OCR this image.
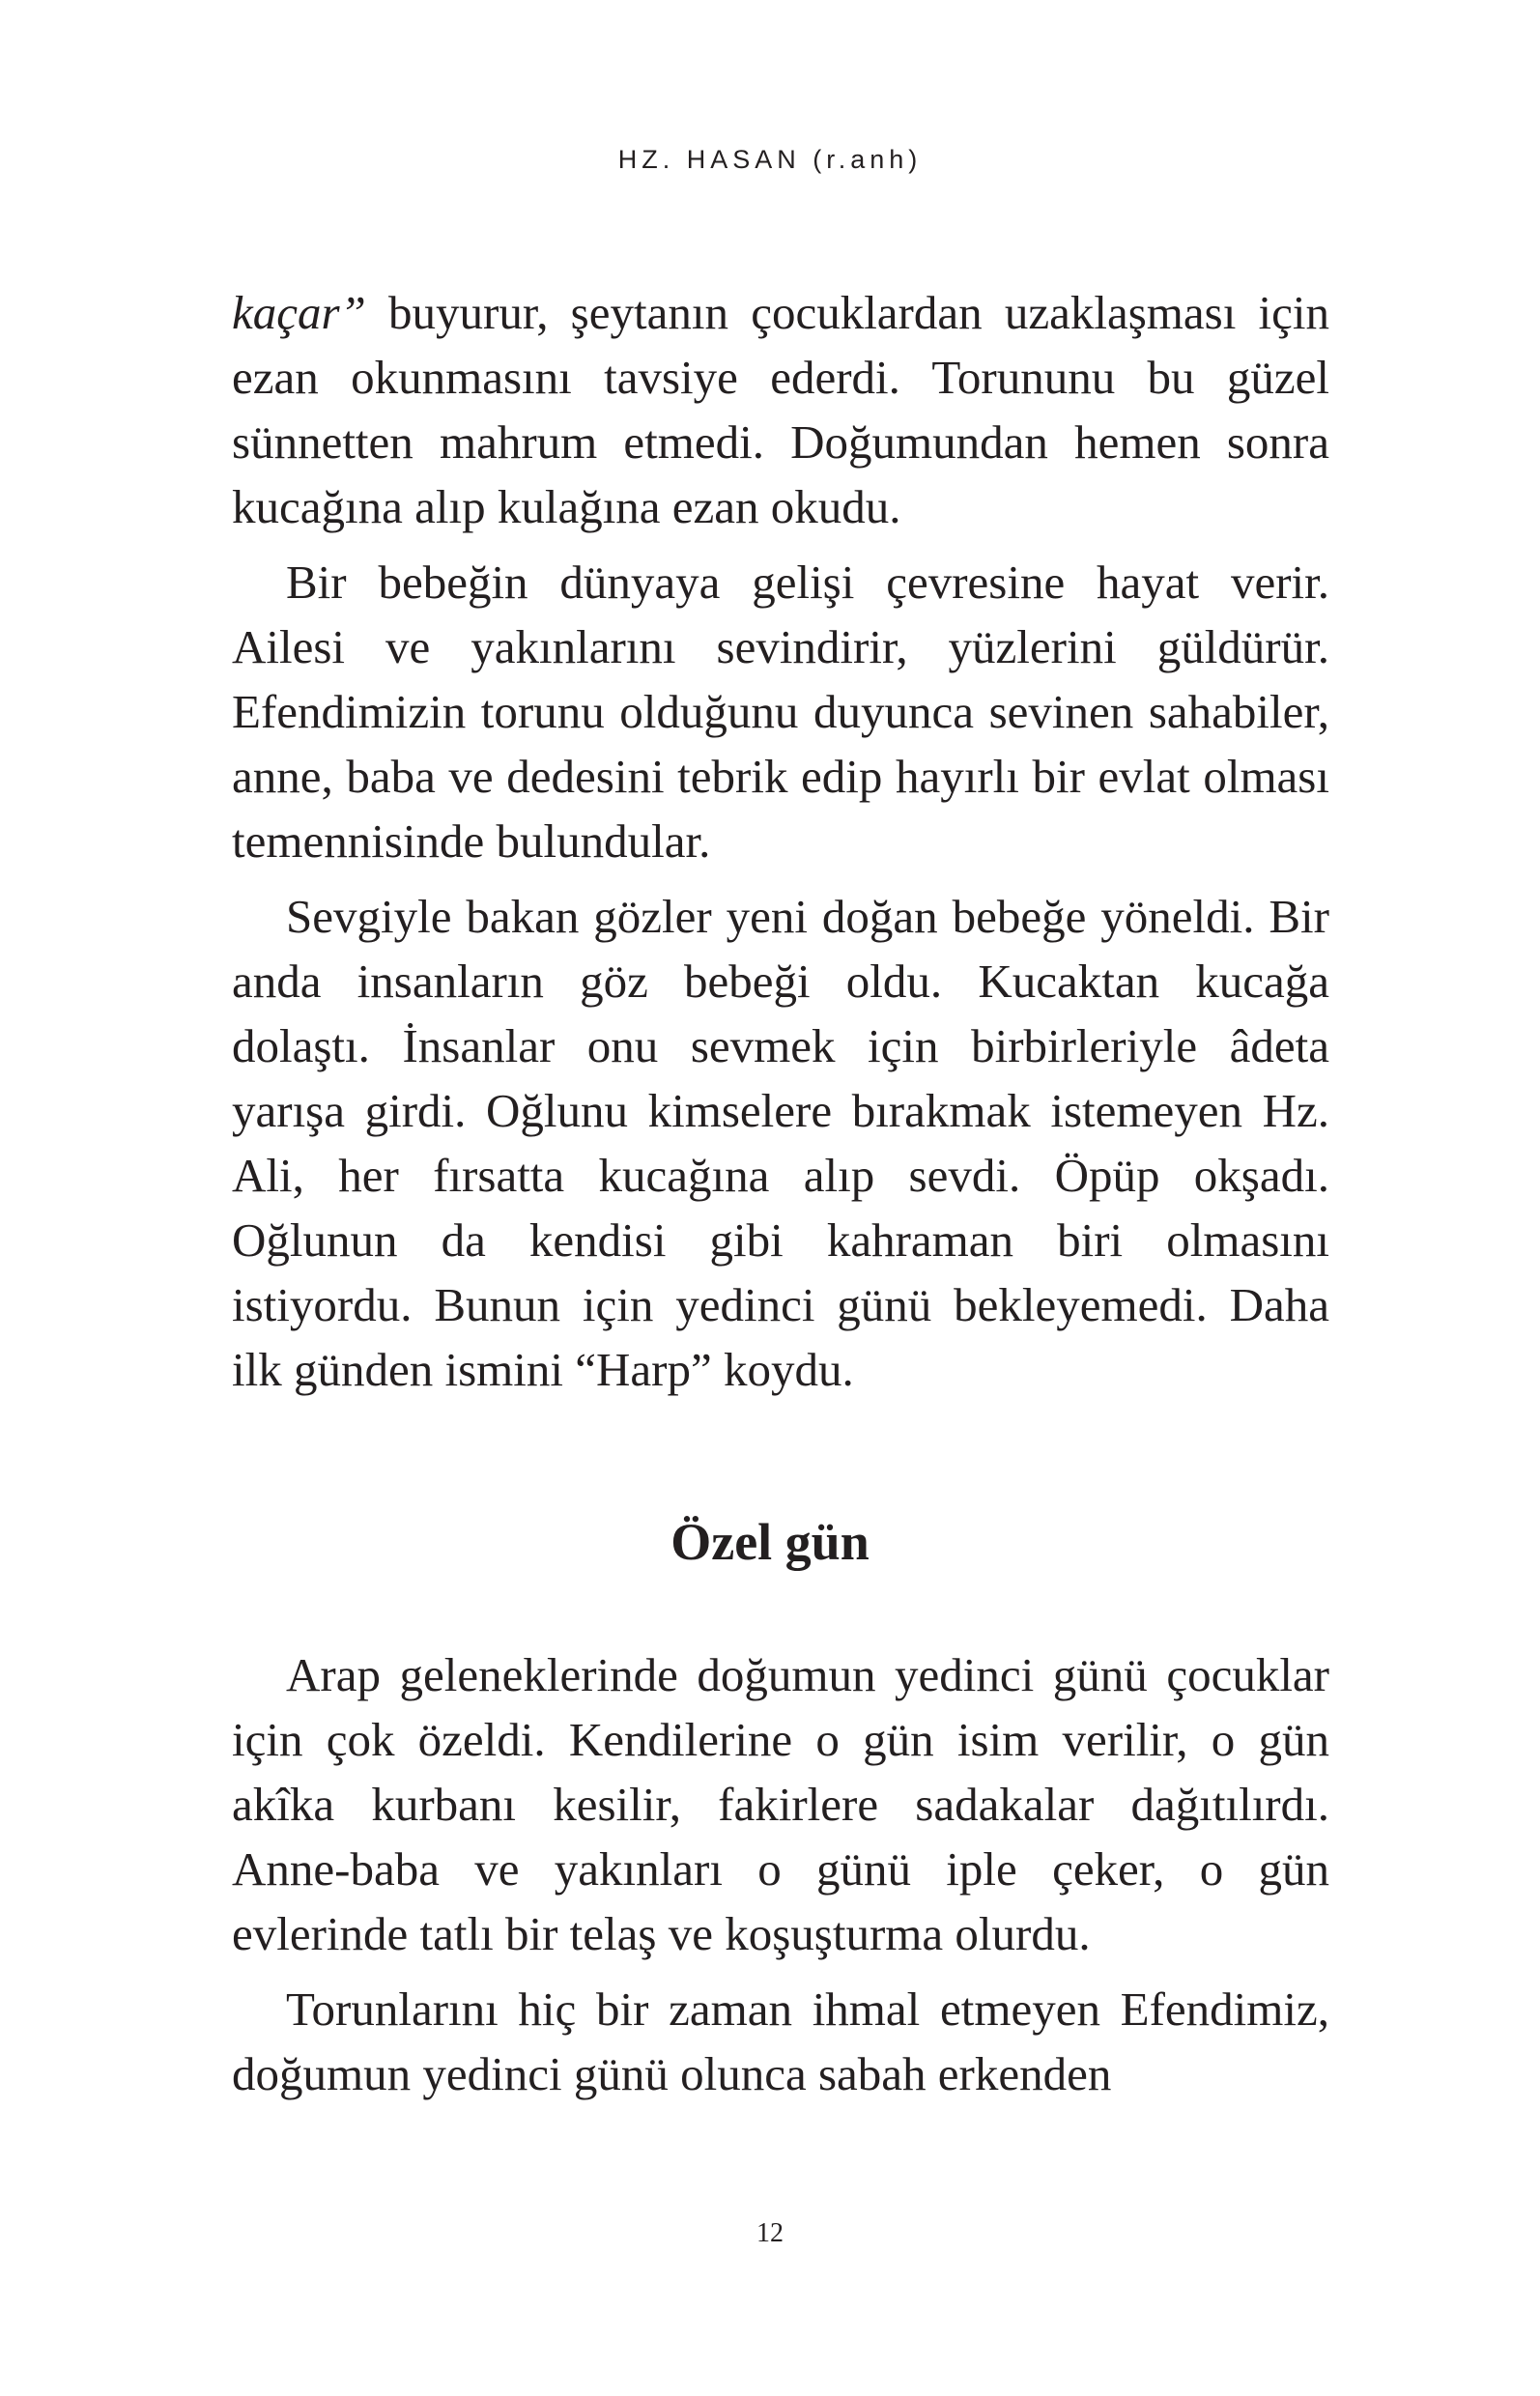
HZ. HASAN (r.anh)

kaçar” buyurur, şeytanın çocuklardan uzaklaşması için ezan okunmasını tavsiye ederdi. Torununu bu güzel sünnetten mahrum etmedi. Doğumundan hemen sonra kucağına alıp kulağına ezan okudu.

Bir bebeğin dünyaya gelişi çevresine hayat verir. Ailesi ve yakınlarını sevindirir, yüzlerini güldürür. Efendimizin torunu olduğunu duyunca sevinen sahabiler, anne, baba ve dedesini tebrik edip hayırlı bir evlat olması temennisinde bulundular.

Sevgiyle bakan gözler yeni doğan bebeğe yöneldi. Bir anda insanların göz bebeği oldu. Kucaktan kucağa dolaştı. İnsanlar onu sevmek için birbirleriyle âdeta yarışa girdi. Oğlunu kimselere bırakmak istemeyen Hz. Ali, her fırsatta kucağına alıp sevdi. Öpüp okşadı. Oğlunun da kendisi gibi kahraman biri olmasını istiyordu. Bunun için yedinci günü bekleyemedi. Daha ilk günden ismini “Harp” koydu.

Özel gün

Arap geleneklerinde doğumun yedinci günü çocuklar için çok özeldi. Kendilerine o gün isim verilir, o gün akîka kurbanı kesilir, fakirlere sadakalar dağıtılırdı. Anne-baba ve yakınları o günü iple çeker, o gün evlerinde tatlı bir telaş ve koşuşturma olurdu.

Torunlarını hiç bir zaman ihmal etmeyen Efendimiz, doğumun yedinci günü olunca sabah erkenden

12
